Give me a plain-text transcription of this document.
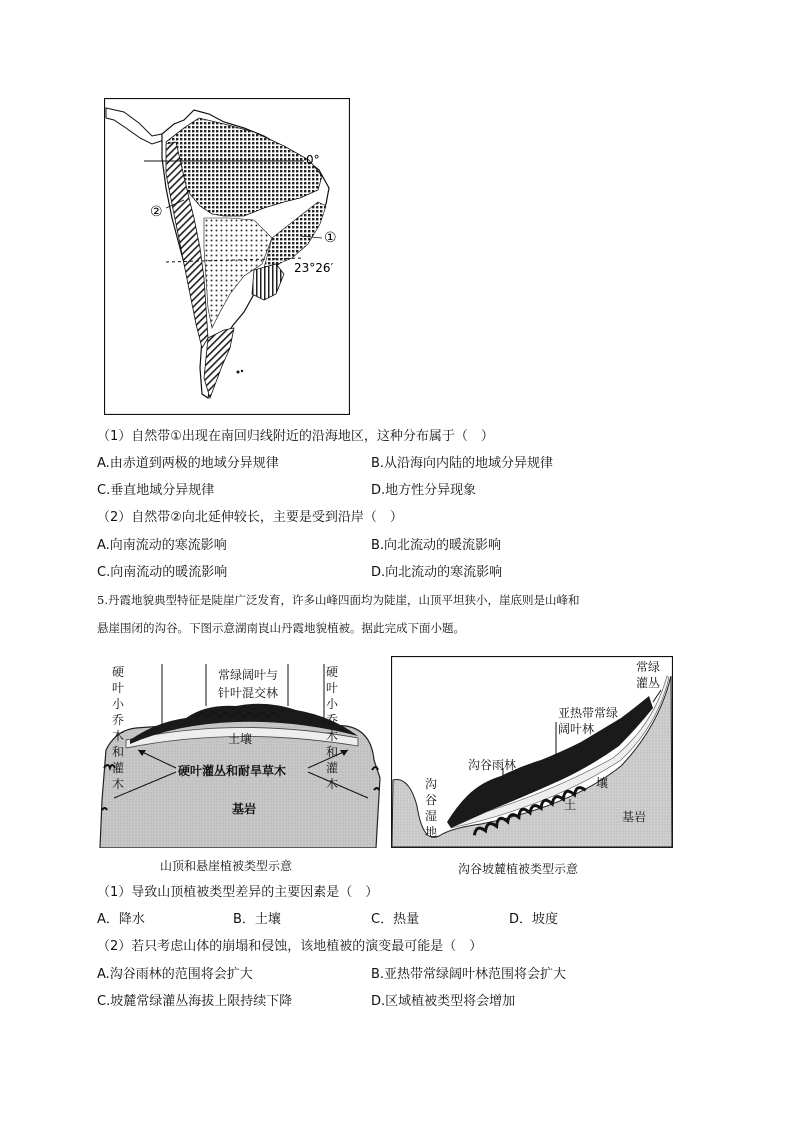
0°
23°26′
①
②
（1）自然带①出现在南回归线附近的沿海地区，这种分布属于（　）
A.由赤道到两极的地域分异规律	B.从沿海向内陆的地域分异规律
C.垂直地域分异规律	D.地方性分异现象
（2）自然带②向北延伸较长，主要是受到沿岸（　）
A.向南流动的寒流影响	B.向北流动的暖流影响
C.向南流动的暖流影响	D.向北流动的寒流影响
5.丹霞地貌典型特征是陡崖广泛发育，许多山峰四面均为陡崖，山顶平坦狭小，崖底则是山峰和
悬崖围闭的沟谷。下图示意湖南崀山丹霞地貌植被。据此完成下面小题。
硬叶小乔木和灌木
常绿阔叶与
针叶混交林
硬叶小乔木和灌木
土壤
硬叶灌丛和耐旱草木
基岩
山顶和悬崖植被类型示意
常绿灌丛
亚热带常绿
阔叶林
沟谷雨林
沟谷湿地
壤
土
基岩
沟谷坡麓植被类型示意
（1）导致山顶植被类型差异的主要因素是（　）
A．降水	B．土壤	C．热量	D．坡度
（2）若只考虑山体的崩塌和侵蚀，该地植被的演变最可能是（　）
A.沟谷雨林的范围将会扩大	B.亚热带常绿阔叶林范围将会扩大
C.坡麓常绿灌丛海拔上限持续下降	D.区域植被类型将会增加
